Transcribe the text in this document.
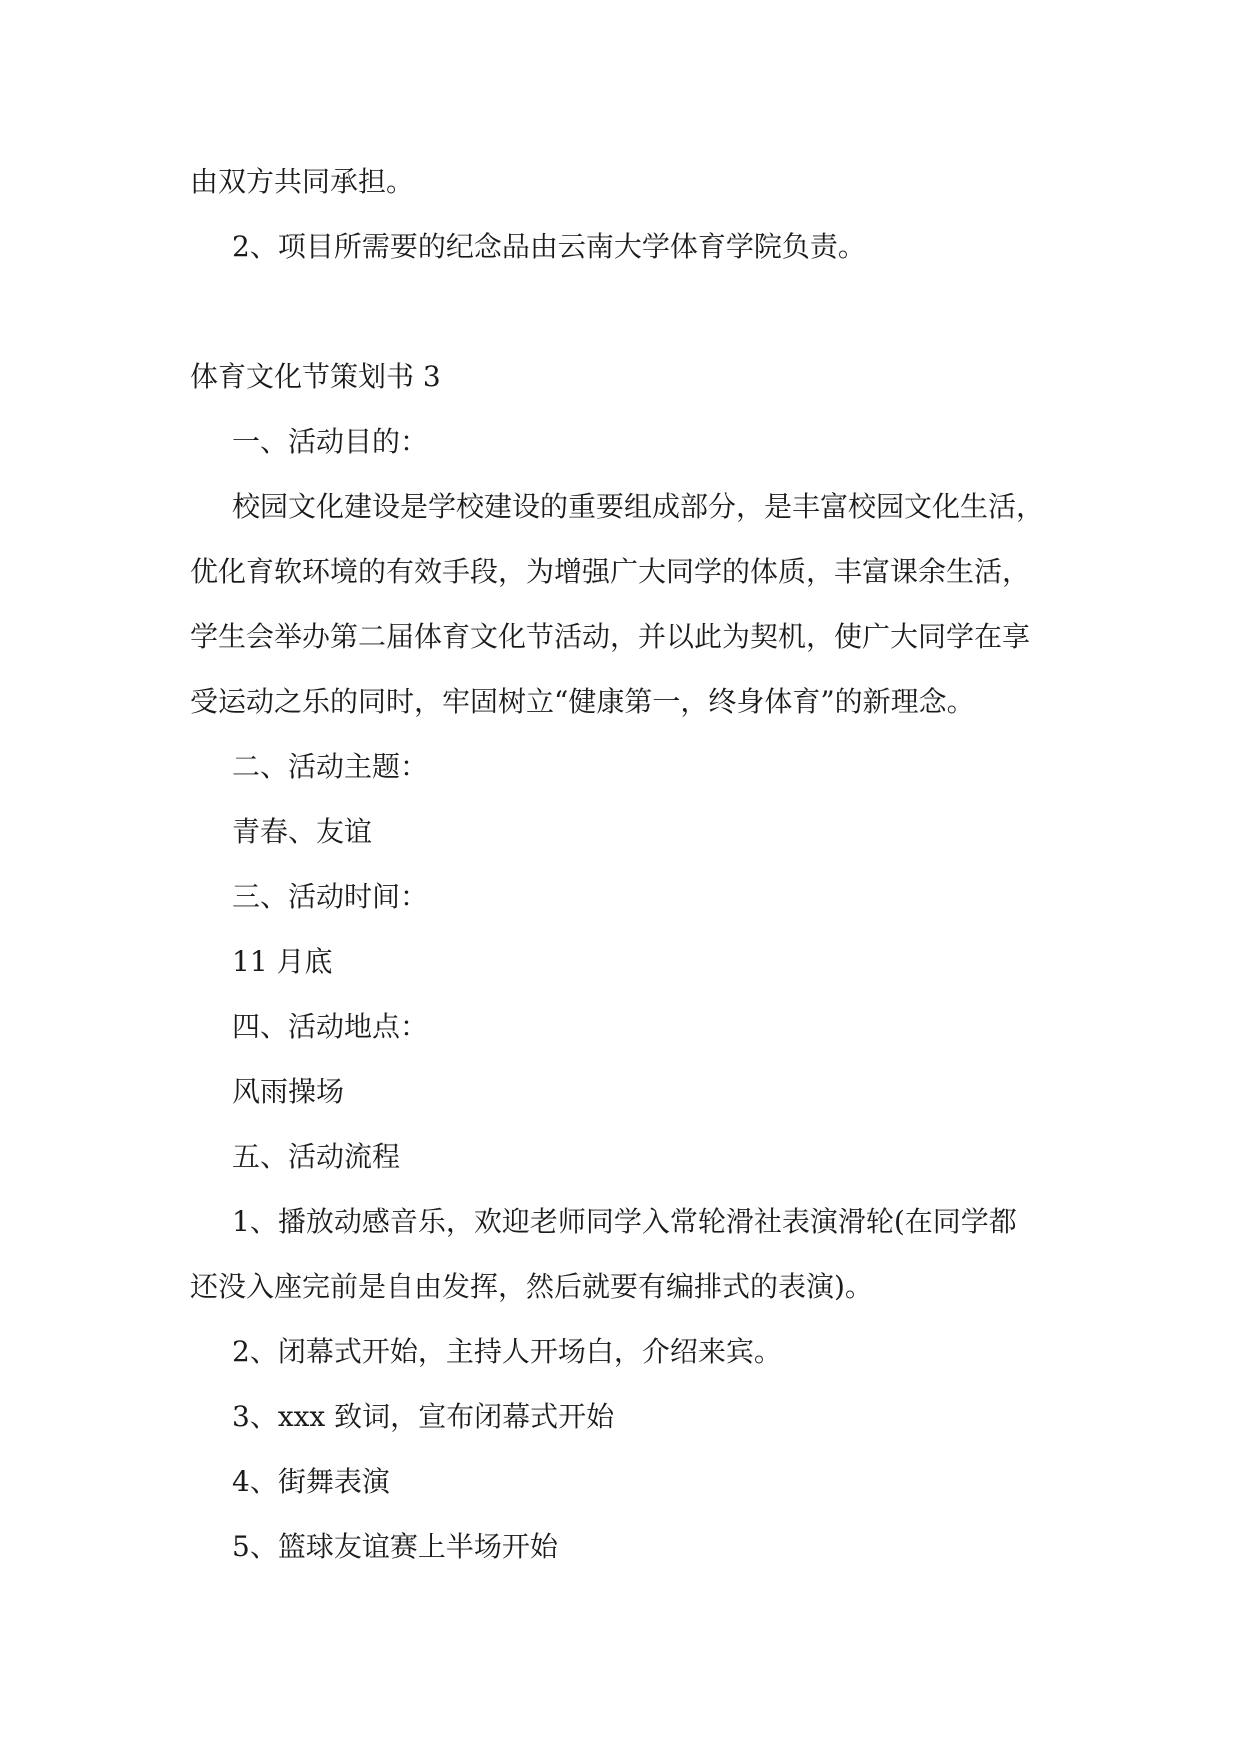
由双方共同承担。
2、项目所需要的纪念品由云南大学体育学院负责。
体育文化节策划书 3
一、活动目的：
校园文化建设是学校建设的重要组成部分，是丰富校园文化生活，
优化育软环境的有效手段，为增强广大同学的体质，丰富课余生活，
学生会举办第二届体育文化节活动，并以此为契机，使广大同学在享
受运动之乐的同时，牢固树立“健康第一，终身体育”的新理念。
二、活动主题：
青春、友谊
三、活动时间：
11 月底
四、活动地点：
风雨操场
五、活动流程
1、播放动感音乐，欢迎老师同学入常轮滑社表演滑轮(在同学都
还没入座完前是自由发挥，然后就要有编排式的表演)。
2、闭幕式开始，主持人开场白，介绍来宾。
3、xxx 致词，宣布闭幕式开始
4、街舞表演
5、篮球友谊赛上半场开始
